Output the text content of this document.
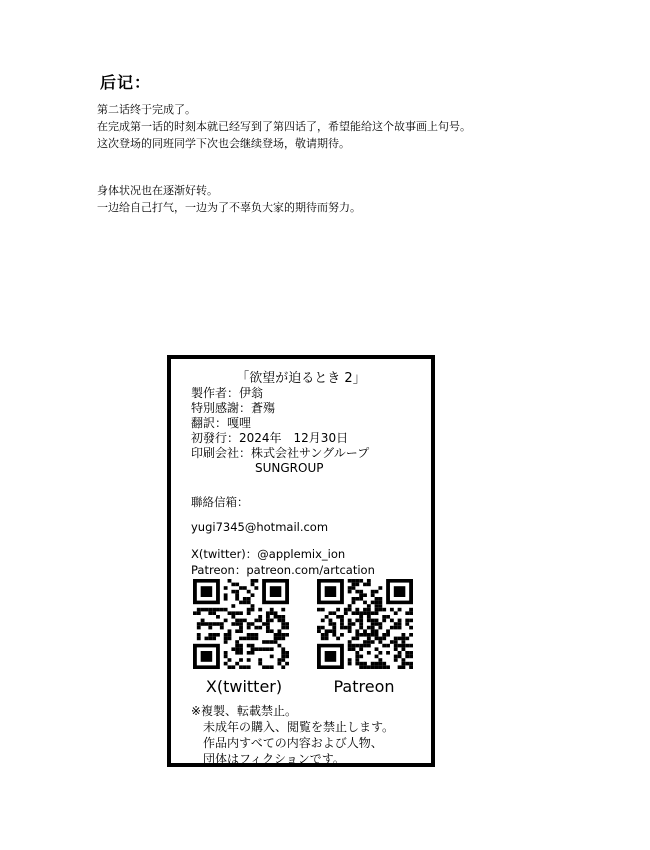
后记：
第二话终于完成了。
在完成第一话的时刻本就已经写到了第四话了，希望能给这个故事画上句号。
这次登场的同班同学下次也会继续登场，敬请期待。
身体状况也在逐渐好转。
一边给自己打气，一边为了不辜负大家的期待而努力。
「欲望が迫るとき 2」
製作者：伊翁
特別感謝：蒼殤
翻訳：嘎哩
初發行：2024年　12月30日
印刷会社：株式会社サングループ
SUNGROUP
聯絡信箱：
yugi7345@hotmail.com
X(twitter)：@applemix_ion
Patreon：patreon.com/artcation
X(twitter)	Patreon
※複製、転載禁止。
未成年の購入、閲覧を禁止します。
作品内すべての内容および人物、
団体はフィクションです。
